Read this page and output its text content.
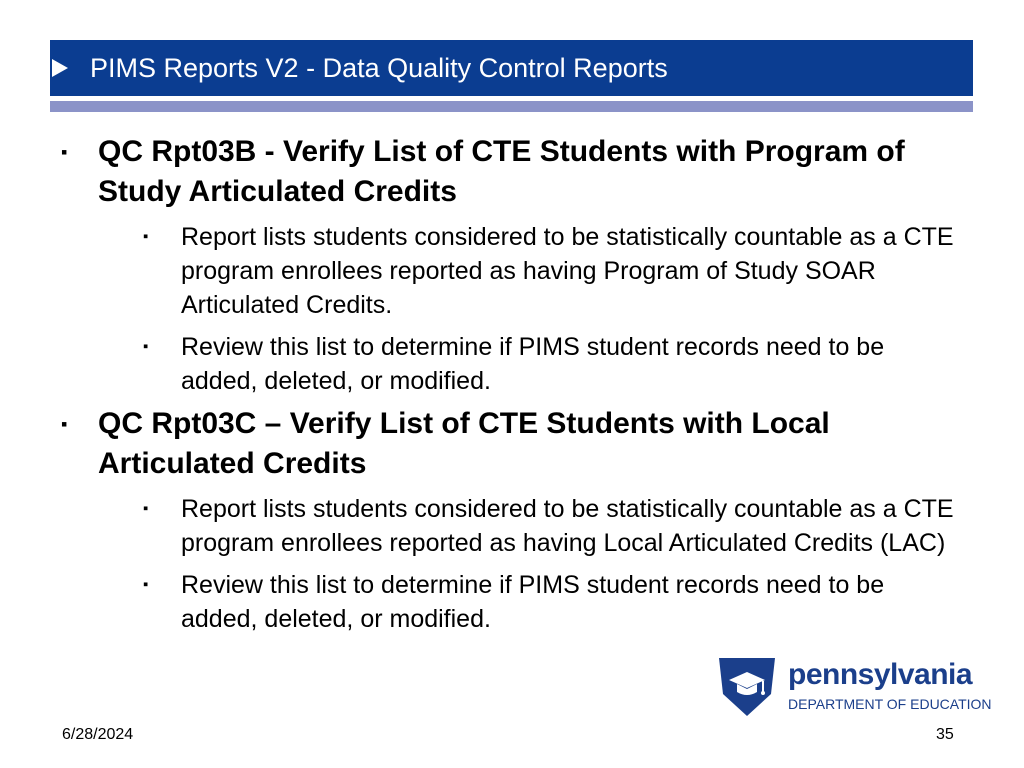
PIMS Reports V2 - Data Quality Control Reports
▪ QC Rpt03B - Verify List of CTE Students with Program of Study Articulated Credits
▪ Report lists students considered to be statistically countable as a CTE program enrollees reported as having Program of Study SOAR Articulated Credits.
▪ Review this list to determine if PIMS student records need to be added, deleted, or modified.
▪ QC Rpt03C – Verify List of CTE Students with Local Articulated Credits
▪ Report lists students considered to be statistically countable as a CTE program enrollees reported as having Local Articulated Credits (LAC)
▪ Review this list to determine if PIMS student records need to be added, deleted, or modified.
pennsylvania
DEPARTMENT OF EDUCATION
6/28/2024	35
